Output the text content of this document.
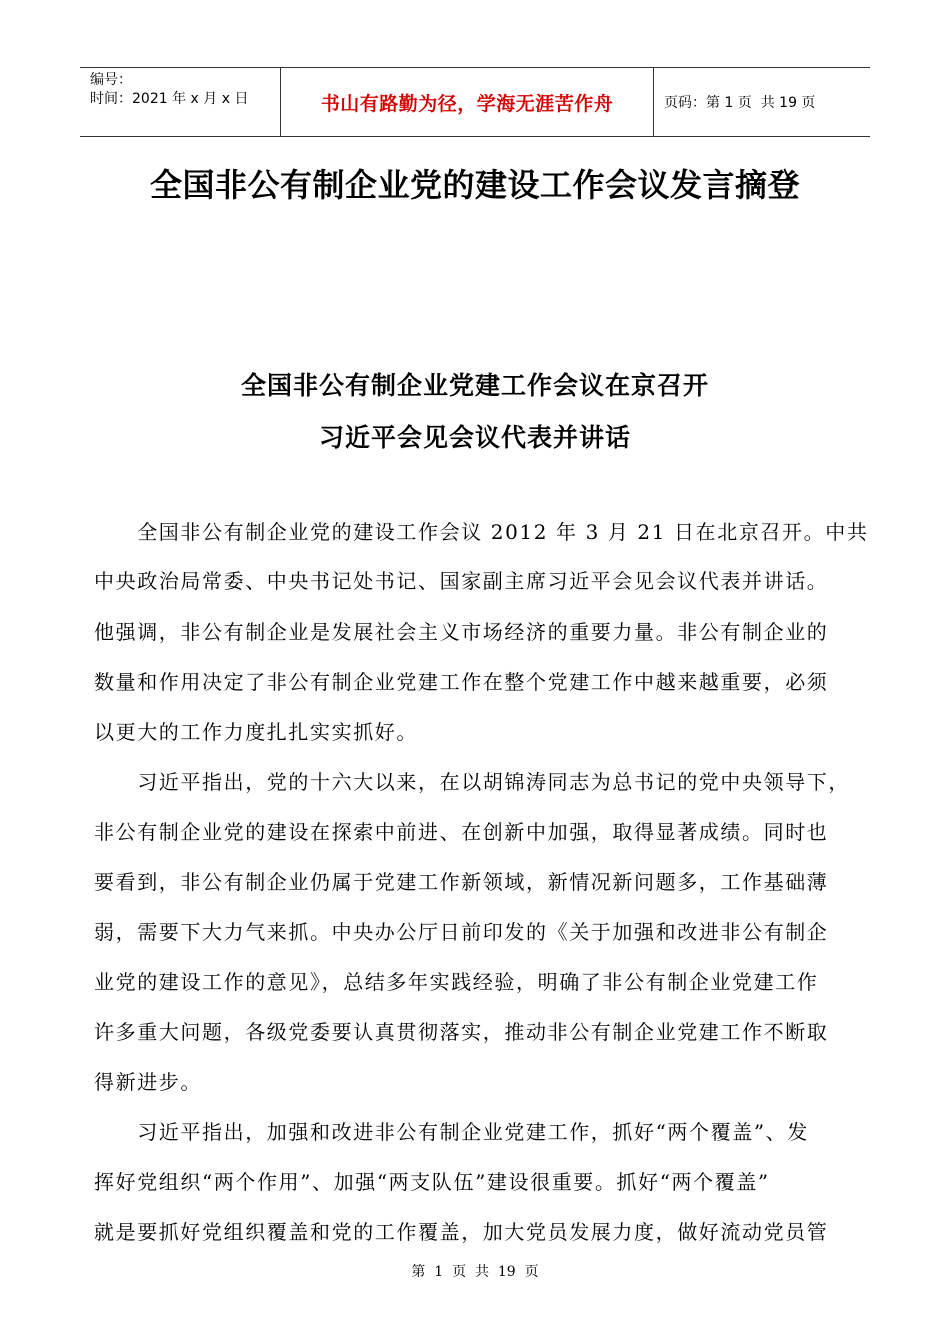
编号：
时间：2021 年 x 月 x 日	书山有路勤为径，学海无涯苦作舟	页码：第 1 页  共 19 页
全国非公有制企业党的建设工作会议发言摘登
全国非公有制企业党建工作会议在京召开
习近平会见会议代表并讲话
　　全国非公有制企业党的建设工作会议 2012 年 3 月 21 日在北京召开。中共
中央政治局常委、中央书记处书记、国家副主席习近平会见会议代表并讲话。
他强调，非公有制企业是发展社会主义市场经济的重要力量。非公有制企业的
数量和作用决定了非公有制企业党建工作在整个党建工作中越来越重要，必须
以更大的工作力度扎扎实实抓好。
　　习近平指出，党的十六大以来，在以胡锦涛同志为总书记的党中央领导下，
非公有制企业党的建设在探索中前进、在创新中加强，取得显著成绩。同时也
要看到，非公有制企业仍属于党建工作新领域，新情况新问题多，工作基础薄
弱，需要下大力气来抓。中央办公厅日前印发的《关于加强和改进非公有制企
业党的建设工作的意见》，总结多年实践经验，明确了非公有制企业党建工作
许多重大问题，各级党委要认真贯彻落实，推动非公有制企业党建工作不断取
得新进步。
　　习近平指出，加强和改进非公有制企业党建工作，抓好“两个覆盖”、发
挥好党组织“两个作用”、加强“两支队伍”建设很重要。抓好“两个覆盖”
就是要抓好党组织覆盖和党的工作覆盖，加大党员发展力度，做好流动党员管
第  1  页  共  19  页
